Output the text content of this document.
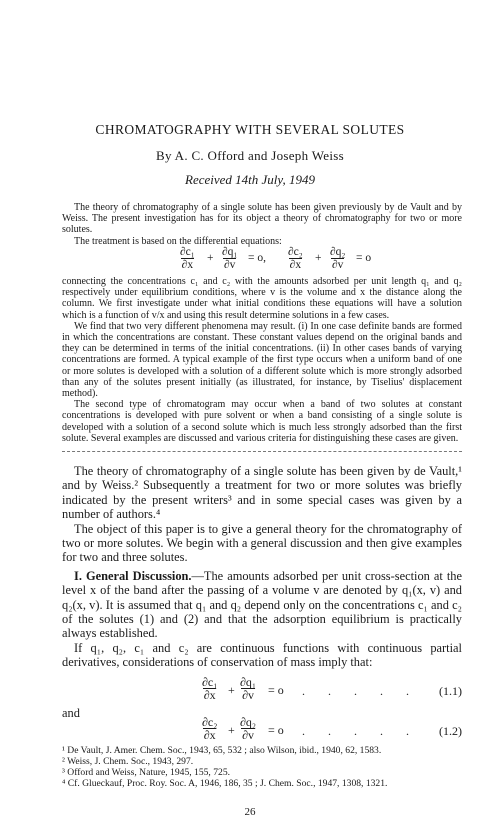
CHROMATOGRAPHY WITH SEVERAL SOLUTES
By A. C. Offord and Joseph Weiss
Received 14th July, 1949

The theory of chromatography of a single solute has been given previously by de Vault and by Weiss. The present investigation has for its object a theory of chromatography for two or more solutes.

The treatment is based on the differential equations:

∂c₁
∂x
+ ∂q₁
∂v
= o, ∂c₂
∂x
+ ∂q₂
∂v
= o

connecting the concentrations c₁ and c₂ with the amounts adsorbed per unit length q₁ and q₂ respectively under equilibrium conditions, where v is the volume and x the distance along the column. We first investigate under what initial conditions these equations will have a solution which is a function of v/x and using this result determine solutions in a few cases.

We find that two very different phenomena may result. (i) In one case definite bands are formed in which the concentrations are constant. These constant values depend on the original bands and they can be determined in terms of the initial concentrations. (ii) In other cases bands of varying concentrations are formed. A typical example of the first type occurs when a uniform band of one or more solutes is developed with a solution of a different solute which is more strongly adsorbed than any of the solutes present initially (as illustrated, for instance, by Tiselius' displacement method).

The second type of chromatogram may occur when a band of two solutes at constant concentrations is developed with pure solvent or when a band consisting of a single solute is developed with a solution of a second solute which is much less strongly adsorbed than the first solute. Several examples are discussed and various criteria for distinguishing these cases are given.

The theory of chromatography of a single solute has been given by de Vault,¹ and by Weiss.² Subsequently a treatment for two or more solutes was briefly indicated by the present writers³ and in some special cases was given by a number of authors.⁴

The object of this paper is to give a general theory for the chromatography of two or more solutes. We begin with a general discussion and then give examples for two and three solutes.

I. General Discussion.—The amounts adsorbed per unit cross-section at the level x of the band after the passing of a volume v are denoted by q₁(x, v) and q₂(x, v). It is assumed that q₁ and q₂ depend only on the concentrations c₁ and c₂ of the solutes (1) and (2) and that the adsorption equilibrium is practically always established.

If q₁, q₂, c₁ and c₂ are continuous functions with continuous partial derivatives, considerations of conservation of mass imply that:

∂c₁
∂x +
∂q₁
∂v = o . . . . . (1.1)
and
∂c₂
∂x +
∂q₂
∂v = o . . . . . (1.2)
¹ De Vault, J. Amer. Chem. Soc., 1943, 65, 532 ; also Wilson, ibid., 1940, 62, 1583.
² Weiss, J. Chem. Soc., 1943, 297.
³ Offord and Weiss, Nature, 1945, 155, 725.
⁴ Cf. Glueckauf, Proc. Roy. Soc. A, 1946, 186, 35 ; J. Chem. Soc., 1947, 1308, 1321.
26
